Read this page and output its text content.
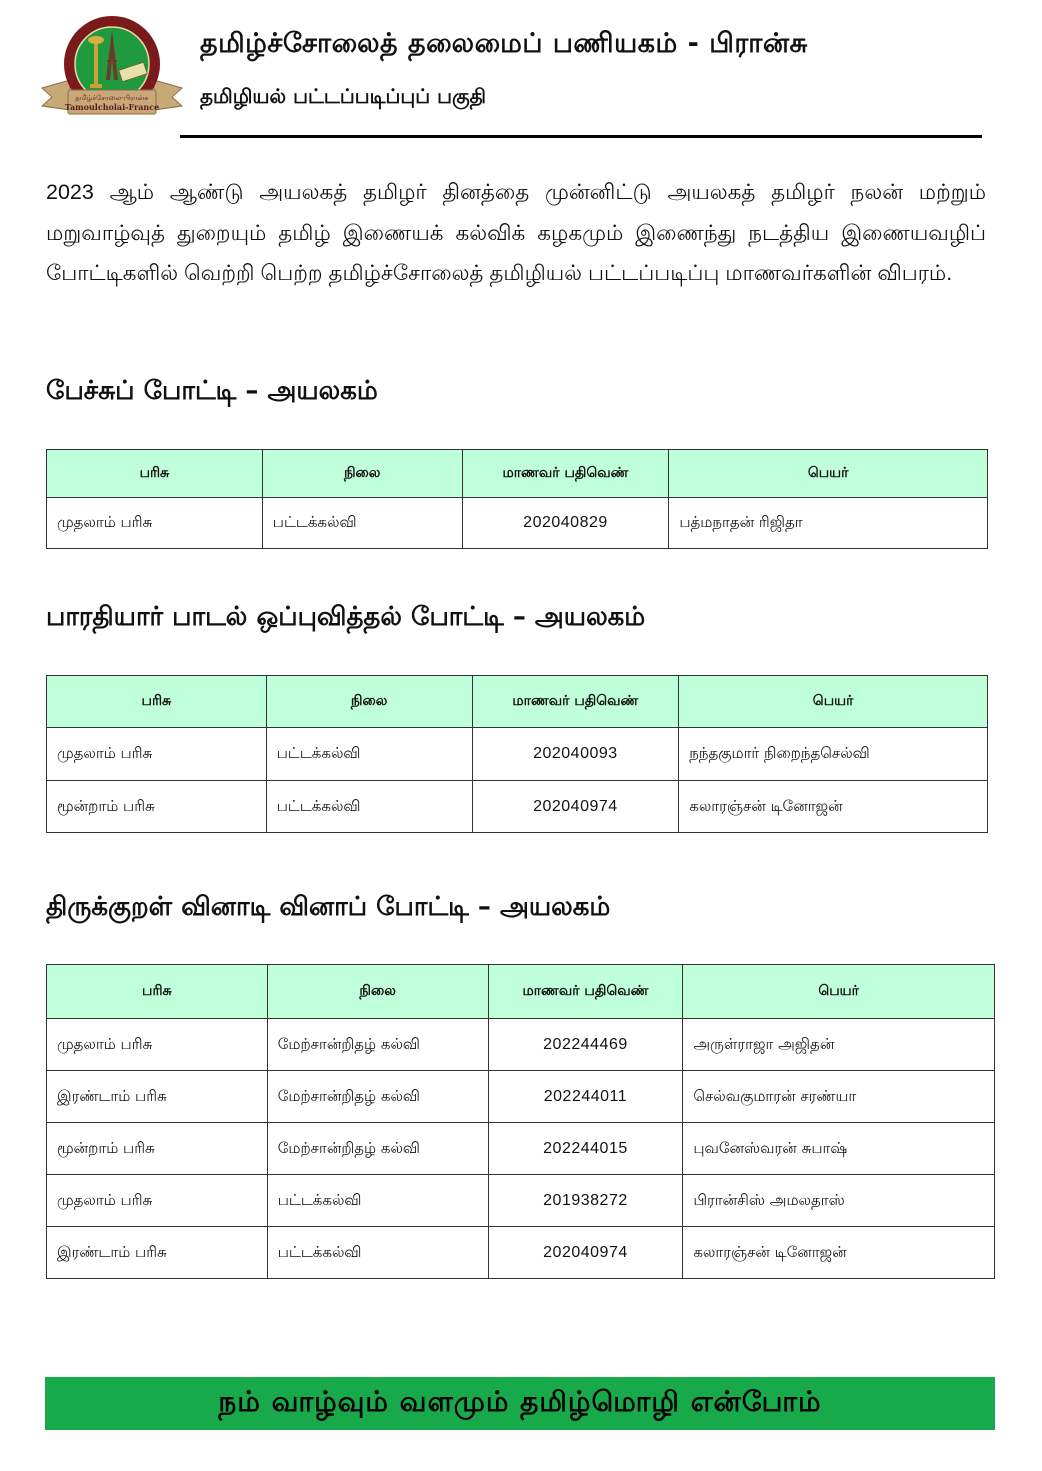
தமிழ்ச்சோலை-பிரான்சு
Tamoulcholai-France
தமிழ்ச்சோலைத் தலைமைப் பணியகம் - பிரான்சு
தமிழியல் பட்டப்படிப்புப் பகுதி
2023 ஆம் ஆண்டு அயலகத் தமிழர் தினத்தை முன்னிட்டு அயலகத் தமிழர் நலன் மற்றும் மறுவாழ்வுத் துறையும் தமிழ் இணையக் கல்விக் கழகமும் இணைந்து நடத்திய இணையவழிப் போட்டிகளில் வெற்றி பெற்ற தமிழ்ச்சோலைத் தமிழியல் பட்டப்படிப்பு மாணவர்களின் விபரம்.
பேச்சுப் போட்டி – அயலகம்
பரிசு	நிலை	மாணவர் பதிவெண்	பெயர்
முதலாம் பரிசு	பட்டக்கல்வி	202040829	பத்மநாதன் ரிஜிதா
பாரதியார் பாடல் ஒப்புவித்தல் போட்டி – அயலகம்
பரிசு	நிலை	மாணவர் பதிவெண்	பெயர்
முதலாம் பரிசு	பட்டக்கல்வி	202040093	நந்தகுமார் நிறைந்தசெல்வி
மூன்றாம் பரிசு	பட்டக்கல்வி	202040974	கலாரஞ்சன் டினோஜன்
திருக்குறள் வினாடி வினாப் போட்டி – அயலகம்
பரிசு	நிலை	மாணவர் பதிவெண்	பெயர்
முதலாம் பரிசு	மேற்சான்றிதழ் கல்வி	202244469	அருள்ராஜா அஜிதன்
இரண்டாம் பரிசு	மேற்சான்றிதழ் கல்வி	202244011	செல்வகுமாரன் சரண்யா
மூன்றாம் பரிசு	மேற்சான்றிதழ் கல்வி	202244015	புவனேஸ்வரன் சுபாஷ்
முதலாம் பரிசு	பட்டக்கல்வி	201938272	பிரான்சிஸ் அமலதாஸ்
இரண்டாம் பரிசு	பட்டக்கல்வி	202040974	கலாரஞ்சன் டினோஜன்
நம் வாழ்வும் வளமும் தமிழ்மொழி என்போம்
